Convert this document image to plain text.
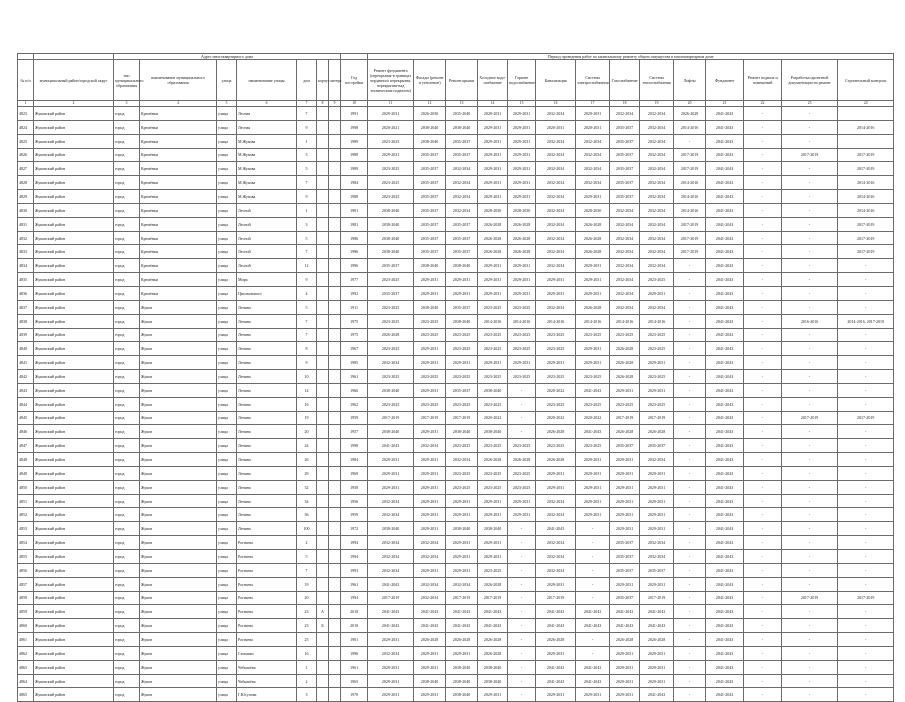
		Адрес многоквартирного дома								Период проведения работ по капитальному ремонту общего имущества в многоквартирном доме													
№ п/п	муниципальный район/городской округ	тип муниципального образования	наименование муниципального образования	улица	наименование улицы	дом	корпус	литера	Год постройки	Ремонт фундамента (перекрытия-в границах чердачного перекрытия, перекрытия-над техническим подвалом)	Фасады (ремонт и утепление)	Ремонт крыши	Холодное водо-снабжение	Горячее водоснабжение	Канализация	Система электроснабжения	Газоснабжение	Система теплоснабжения	Лифты	Фундамент	Ремонт подвала и помещений	Разработка проектной документации на ремонт	Строительный контроль
1	2	3	4	5	6	7	8	9	10	11	12	13	14	15	16	17	18	19	20	21	22	23	24
4823	Жуковский район	город	Кремёнки	улица	Лесная	7			1991	2029-2031	2026-2030	2035-2040	2028-2031	2029-2031	2032-2034	2029-2031	2032-2034	2032-2034	2026-2028	2041-2043	-	-	
4824	Жуковский район	город	Кремёнки	улица	Лесная	9			1998	2020-2021	2038-2040	2038-2040	2029-2031	2029-2031	2020-2031	2020-2031	2035-2037	2032-2034	2014-2016	2041-2043	-	-	2014-2016
4825	Жуковский район	город	Кремёнки	улица	М.Жукова	1			1989	2023-2025	2038-2040	2035-2037	2029-2031	2029-2031	2032-2034	2032-2034	2035-2037	2032-2034	-	2041-2043	-	-	
4826	Жуковский район	город	Кремёнки	улица	М.Жукова	3			1988	2029-2031	2035-2037	2035-2037	2029-2031	2029-2031	2032-2034	2032-2034	2035-2037	2032-2034	2017-2019	2041-2043	-	2017-2019	2017-2019
4827	Жуковский район	город	Кремёнки	улица	М.Жукова	5			1989	2023-2025	2035-2037	2032-2034	2029-2031	2029-2031	2032-2034	2032-2034	2035-2037	2032-2034	2017-2019	2041-2043	-	-	2017-2019
4828	Жуковский район	город	Кремёнки	улица	М.Жукова	7			1984	2023-2025	2035-2037	2032-2034	2029-2031	2029-2031	2032-2034	2032-2034	2035-2037	2032-2034	2014-2016	2041-2043	-	-	2014-2016
4829	Жуковский район	город	Кремёнки	улица	М.Жукова	9			1988	2023-2025	2035-2037	2032-2034	2029-2031	2029-2031	2032-2034	2029-2031	2035-2037	2032-2034	2014-2016	2041-2043	-	-	2014-2016
4830	Жуковский район	город	Кремёнки	улица	Лесной	1			1981	2038-2040	2035-2037	2032-2034	2028-2030	2028-2030	2032-2034	2028-2030	2032-2034	2032-2034	2014-2016	2041-2043	-	-	2014-2016
4831	Жуковский район	город	Кремёнки	улица	Лесной	3			1981	2038-2040	2035-2037	2035-2037	2026-2028	2026-2028	2032-2034	2026-2028	2032-2034	2032-2034	2017-2019	2041-2043	-	-	2017-2019
4832	Жуковский район	город	Кремёнки	улица	Лесной	5			1986	2038-2040	2035-2037	2035-2037	2026-2028	2026-2028	2032-2034	2026-2028	2032-2034	2032-2034	2017-2019	2041-2043	-	-	2017-2019
4833	Жуковский район	город	Кремёнки	улица	Лесной	7			1986	2038-2040	2035-2037	2035-2037	2026-2028	2026-2028	2032-2034	2026-2028	2032-2034	2032-2034	2017-2019	2041-2043	-	-	2017-2019
4834	Жуковский район	город	Кремёнки	улица	Лесной	12			1996	2035-2037	2038-2040	2038-2040	2029-2031	2029-2031	2032-2034	2029-2031	2032-2034	2032-2034	-	2041-2043	-	-	-
4835	Жуковский район	город	Кремёнки	улица	Мира	9			1977	2023-2025	2029-2031	2029-2031	2029-2031	2029-2031	2029-2031	2029-2031	2032-2034	2023-2025	-	2041-2043	-	-	-
4836	Жуковский район	город	Кремёнки	улица	Циолковского	4			1992	2035-2037	2029-2031	2029-2031	2029-2031	2029-2031	2029-2031	2029-2031	2032-2034	2029-2031	-	2041-2043	-	-	-
4837	Жуковский район	город	Жуков	улица	Ленина	5			1911	2023-2025	2038-2040	2035-2037	2023-2025	2023-2025	2032-2034	2026-2028	2032-2034	2032-2034	-	2041-2043	-	-	-
4838	Жуковский район	город	Жуков	улица	Ленина	7			1975	2023-2025	2023-2025	2038-2040	2014-2016	2014-2016	2014-2016	2014-2016	2014-2016	2014-2016	-	2041-2043	-	2016-2016	2014-2016, 2017-2019
4839	Жуковский район	город	Жуков	улица	Ленина	7			1975	2026-2028	2023-2025	2023-2025	2023-2025	2023-2025	2023-2025	2023-2025	2023-2025	2023-2025	-	2041-2043	-	-	-
4840	Жуковский район	город	Жуков	улица	Ленина	8			1967	2023-2025	2029-2031	2023-2025	2023-2025	2023-2025	2023-2025	2029-2031	2026-2028	2023-2025	-	2041-2043	-	-	-
4841	Жуковский район	город	Жуков	улица	Ленина	9			1985	2032-2034	2029-2031	2029-2031	2029-2031	2029-2031	2029-2031	2029-2031	2026-2028	2029-2031	-	2041-2043	-	-	-
4842	Жуковский район	город	Жуков	улица	Ленина	10			1961	2023-2025	2023-2025	2023-2025	2023-2025	2023-2025	2023-2025	2023-2025	2026-2028	2023-2025	-	2041-2043	-	-	-
4843	Жуковский район	город	Жуков	улица	Ленина	14			1966	2038-2040	2029-2031	2035-2037	2038-2040	-	2020-2022	2041-2043	2029-2031	2029-2031	-	2041-2043	-	-	-
4844	Жуковский район	город	Жуков	улица	Ленина	16			1962	2023-2025	2023-2025	2023-2025	2023-2025	-	2023-2025	2023-2025	2023-2025	2023-2025	-	2041-2043	-	-	-
4845	Жуковский район	город	Жуков	улица	Ленина	19			1959	2017-2019	2017-2019	2017-2019	2020-2022	-	2020-2022	2020-2022	2017-2019	2017-2019	-	2041-2043	-	2017-2019	2017-2019
4846	Жуковский район	город	Жуков	улица	Ленина	20			1957	2038-2040	2029-2031	2038-2040	2038-2040	-	2026-2028	2041-2043	2026-2028	2026-2028	-	2041-2043	-	-	-
4847	Жуковский район	город	Жуков	улица	Ленина	24			1998	2041-2043	2032-2034	2023-2025	2023-2025	2023-2025	2023-2025	2023-2025	2035-2037	2035-2037	-	2041-2043	-	-	-
4848	Жуковский район	город	Жуков	улица	Ленина	26			1984	2029-2031	2029-2031	2032-2034	2026-2028	2026-2028	2026-2028	2029-2031	2029-2031	2032-2034	-	2041-2043	-	-	-
4849	Жуковский район	город	Жуков	улица	Ленина	29			1969	2029-2031	2029-2031	2023-2025	2023-2025	2023-2025	2029-2031	2029-2031	2029-2031	2029-2031	-	2041-2043	-	-	-
4850	Жуковский район	город	Жуков	улица	Ленина	32			1958	2029-2031	2029-2031	2023-2025	2023-2025	2023-2025	2029-2031	2029-2031	2029-2031	2029-2031	-	2041-2043	-	-	-
4851	Жуковский район	город	Жуков	улица	Ленина	34			1956	2032-2034	2029-2031	2029-2031	2029-2031	2029-2031	2032-2034	2029-2031	2029-2031	2029-2031	-	2041-2043	-	-	-
4852	Жуковский район	город	Жуков	улица	Ленина	36			1959	2032-2034	2029-2031	2029-2031	2029-2031	2029-2031	2032-2034	2029-2031	2029-2031	2029-2031	-	2041-2043	-	-	-
4853	Жуковский район	город	Жуков	улица	Ленина	100			1972	2038-2040	2029-2031	2038-2040	2038-2040	-	2041-2043	-	2029-2031	2029-2031	-	2041-2043	-	-	-
4854	Жуковский район	город	Жуков	улица	Рогачева	2			1994	2032-2034	2032-2034	2029-2031	2029-2031	-	2032-2034	-	2035-2037	2032-2034	-	2041-2043	-	-	-
4855	Жуковский район	город	Жуков	улица	Рогачева	5			1994	2032-2034	2032-2034	2029-2031	2029-2031	-	2032-2034	-	2035-2037	2032-2034	-	2041-2043	-	-	-
4856	Жуковский район	город	Жуков	улица	Рогачева	7			1993	2032-2034	2029-2031	2029-2031	2023-2025	-	2032-2034	-	2035-2037	2035-2037	-	2041-2043	-	-	-
4857	Жуковский район	город	Жуков	улица	Рогачева	19			1961	2041-2043	2032-2034	2032-2034	2026-2028	-	2029-2031	-	2029-2031	2029-2031	-	2041-2043	-	-	-
4858	Жуковский район	город	Жуков	улица	Рогачева	20			1994	2017-2019	2032-2034	2017-2019	2017-2019	-	2017-2019	-	2035-2037	2017-2019	-	2041-2043	-	2017-2019	2017-2019
4859	Жуковский район	город	Жуков	улица	Рогачева	23	А		2010	2041-2043	2041-2043	2041-2043	2041-2043	-	2041-2043	2041-2043	2041-2043	2041-2043	-	2041-2043	-	-	-
4860	Жуковский район	город	Жуков	улица	Рогачева	23	Б		2010	2041-2043	2041-2043	2041-2043	2041-2043	-	2041-2043	2041-2043	2041-2043	2041-2043	-	2041-2043	-	-	-
4861	Жуковский район	город	Жуков	улица	Рогачева	25			1981	2029-2031	2026-2028	2026-2028	2026-2028	-	2026-2028	-	2026-2028	2026-2028	-	2041-2043	-	-	-
4862	Жуковский район	город	Жуков	улица	Семашко	16			1996	2032-2034	2029-2031	2029-2031	2026-2028	-	2029-2031	-	2029-2031	2029-2031	-	2041-2043	-	-	-
4863	Жуковский район	город	Жуков	улица	Чебышёва	1			1961	2029-2031	2029-2031	2038-2040	2038-2040	-	2041-2043	2041-2043	2029-2031	2029-2031	-	2041-2043	-	-	-
4864	Жуковский район	город	Жуков	улица	Чебышёва	2			1965	2029-2031	2038-2040	2038-2040	2038-2040	-	2041-2043	2041-2043	2029-2031	2029-2031	-	2041-2043	-	-	-
4865	Жуковский район	город	Жуков	улица	Г.Юсупова	3			1970	2029-2031	2029-2031	2038-2040	2029-2031	-	2029-2031	2029-2031	2029-2031	2041-2043	-	2041-2043	-	-	-
